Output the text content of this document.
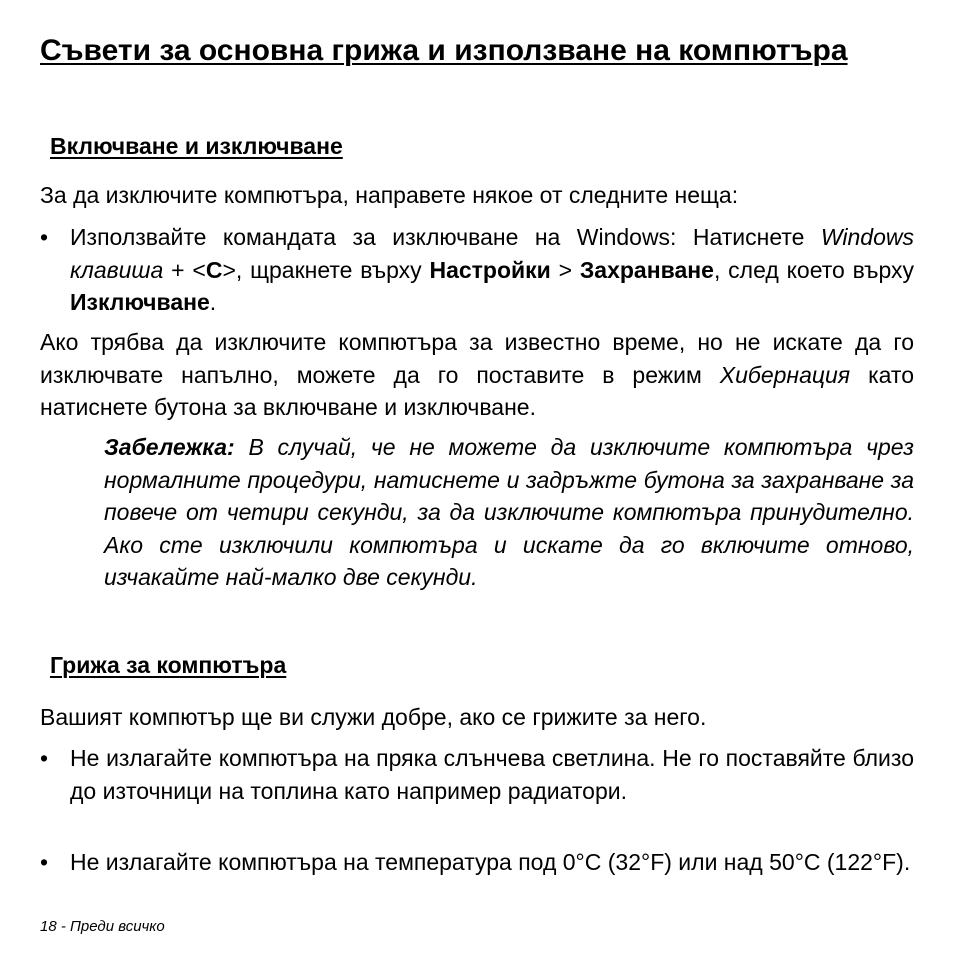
Съвети за основна грижа и използване на компютъра
Включване и изключване

За да изключите компютъра, направете някое от следните неща:

• Използвайте командата за изключване на Windows: Натиснете Windows клавиша + <C>, щракнете върху Настройки > Захранване, след което върху Изключване.

Ако трябва да изключите компютъра за известно време, но не искате да го изключвате напълно, можете да го поставите в режим Хибернация като натиснете бутона за включване и изключване.

Забележка: В случай, че не можете да изключите компютъра чрез нормалните процедури, натиснете и задръжте бутона за захранване за повече от четири секунди, за да изключите компютъра принудително. Ако сте изключили компютъра и искате да го включите отново, изчакайте най-малко две секунди.
Грижа за компютъра

Вашият компютър ще ви служи добре, ако се грижите за него.

• Не излагайте компютъра на пряка слънчева светлина. Не го поставяйте близо до източници на топлина като например радиатори.
• Не излагайте компютъра на температура под 0°C (32°F) или над 50°C (122°F).
18 - Преди всичко
